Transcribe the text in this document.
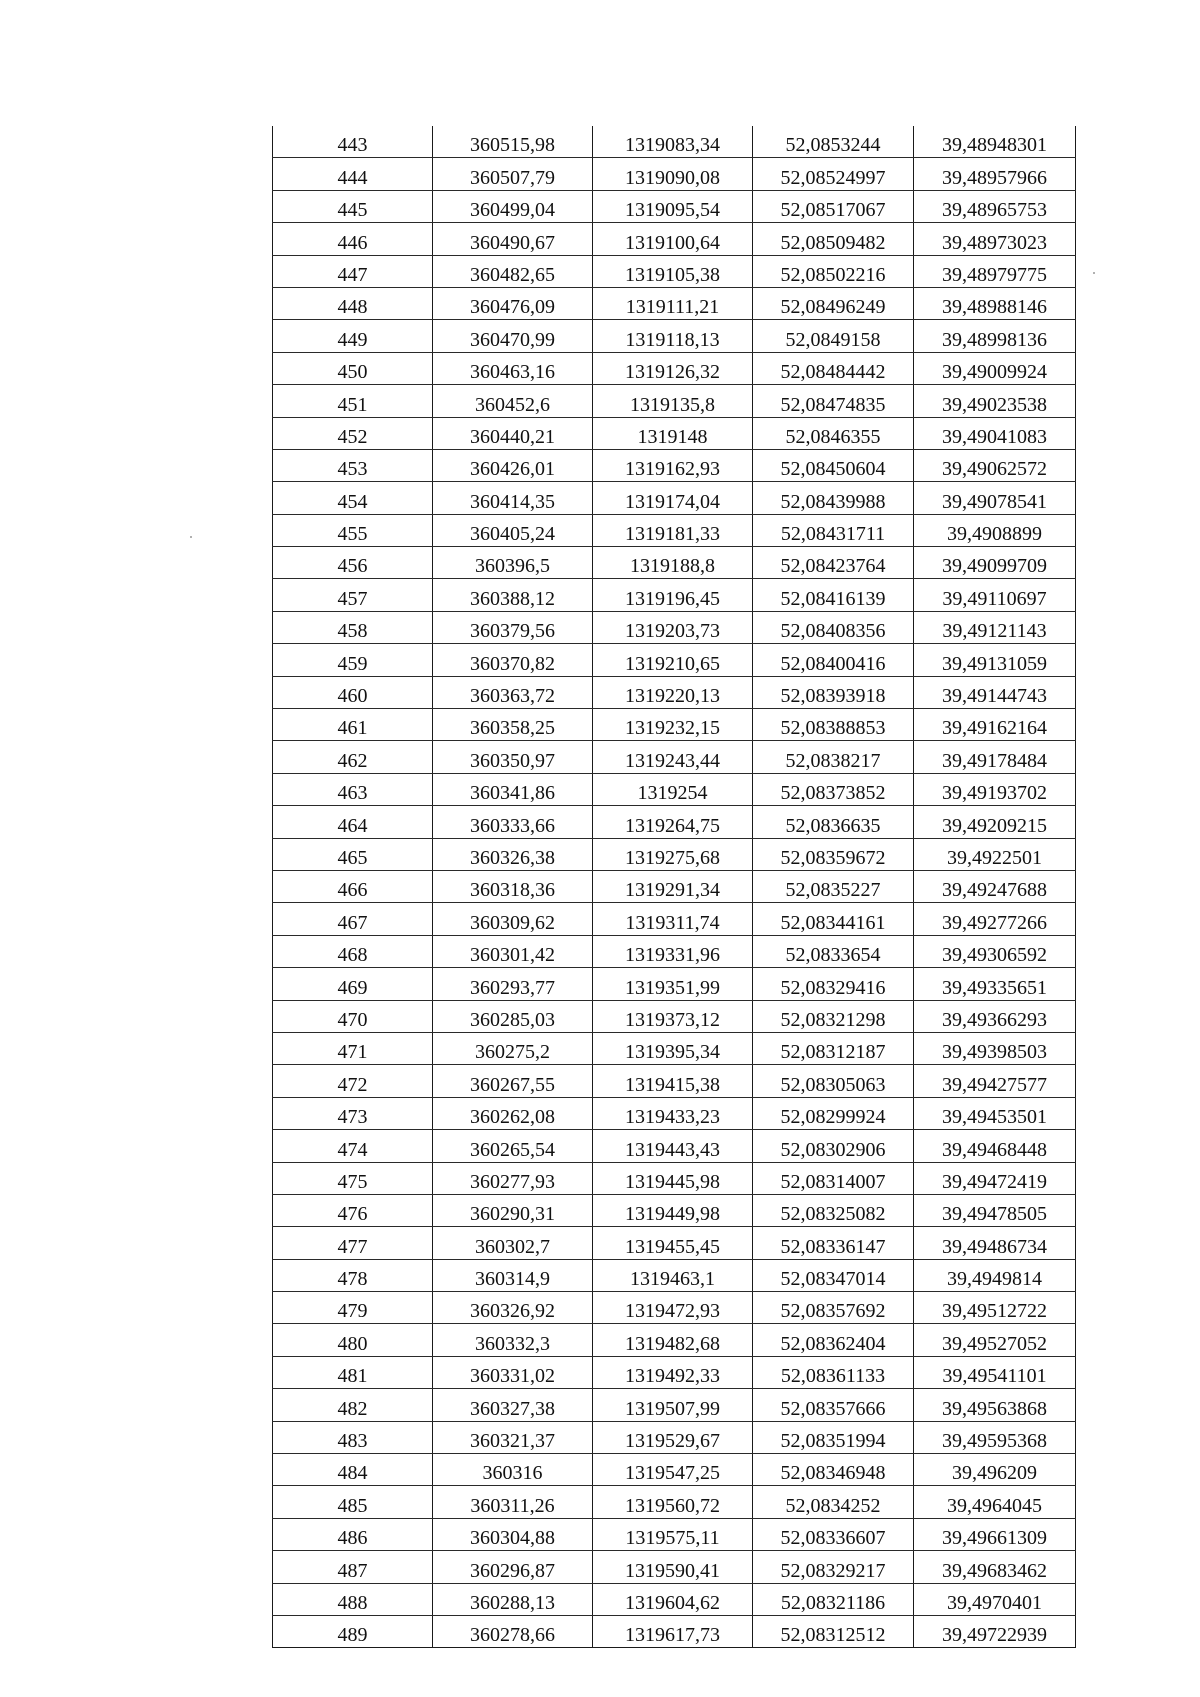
443	360515,98	1319083,34	52,0853244	39,48948301
444	360507,79	1319090,08	52,08524997	39,48957966
445	360499,04	1319095,54	52,08517067	39,48965753
446	360490,67	1319100,64	52,08509482	39,48973023
447	360482,65	1319105,38	52,08502216	39,48979775
448	360476,09	1319111,21	52,08496249	39,48988146
449	360470,99	1319118,13	52,0849158	39,48998136
450	360463,16	1319126,32	52,08484442	39,49009924
451	360452,6	1319135,8	52,08474835	39,49023538
452	360440,21	1319148	52,0846355	39,49041083
453	360426,01	1319162,93	52,08450604	39,49062572
454	360414,35	1319174,04	52,08439988	39,49078541
455	360405,24	1319181,33	52,08431711	39,4908899
456	360396,5	1319188,8	52,08423764	39,49099709
457	360388,12	1319196,45	52,08416139	39,49110697
458	360379,56	1319203,73	52,08408356	39,49121143
459	360370,82	1319210,65	52,08400416	39,49131059
460	360363,72	1319220,13	52,08393918	39,49144743
461	360358,25	1319232,15	52,08388853	39,49162164
462	360350,97	1319243,44	52,0838217	39,49178484
463	360341,86	1319254	52,08373852	39,49193702
464	360333,66	1319264,75	52,0836635	39,49209215
465	360326,38	1319275,68	52,08359672	39,4922501
466	360318,36	1319291,34	52,0835227	39,49247688
467	360309,62	1319311,74	52,08344161	39,49277266
468	360301,42	1319331,96	52,0833654	39,49306592
469	360293,77	1319351,99	52,08329416	39,49335651
470	360285,03	1319373,12	52,08321298	39,49366293
471	360275,2	1319395,34	52,08312187	39,49398503
472	360267,55	1319415,38	52,08305063	39,49427577
473	360262,08	1319433,23	52,08299924	39,49453501
474	360265,54	1319443,43	52,08302906	39,49468448
475	360277,93	1319445,98	52,08314007	39,49472419
476	360290,31	1319449,98	52,08325082	39,49478505
477	360302,7	1319455,45	52,08336147	39,49486734
478	360314,9	1319463,1	52,08347014	39,4949814
479	360326,92	1319472,93	52,08357692	39,49512722
480	360332,3	1319482,68	52,08362404	39,49527052
481	360331,02	1319492,33	52,08361133	39,49541101
482	360327,38	1319507,99	52,08357666	39,49563868
483	360321,37	1319529,67	52,08351994	39,49595368
484	360316	1319547,25	52,08346948	39,496209
485	360311,26	1319560,72	52,0834252	39,4964045
486	360304,88	1319575,11	52,08336607	39,49661309
487	360296,87	1319590,41	52,08329217	39,49683462
488	360288,13	1319604,62	52,08321186	39,4970401
489	360278,66	1319617,73	52,08312512	39,49722939
